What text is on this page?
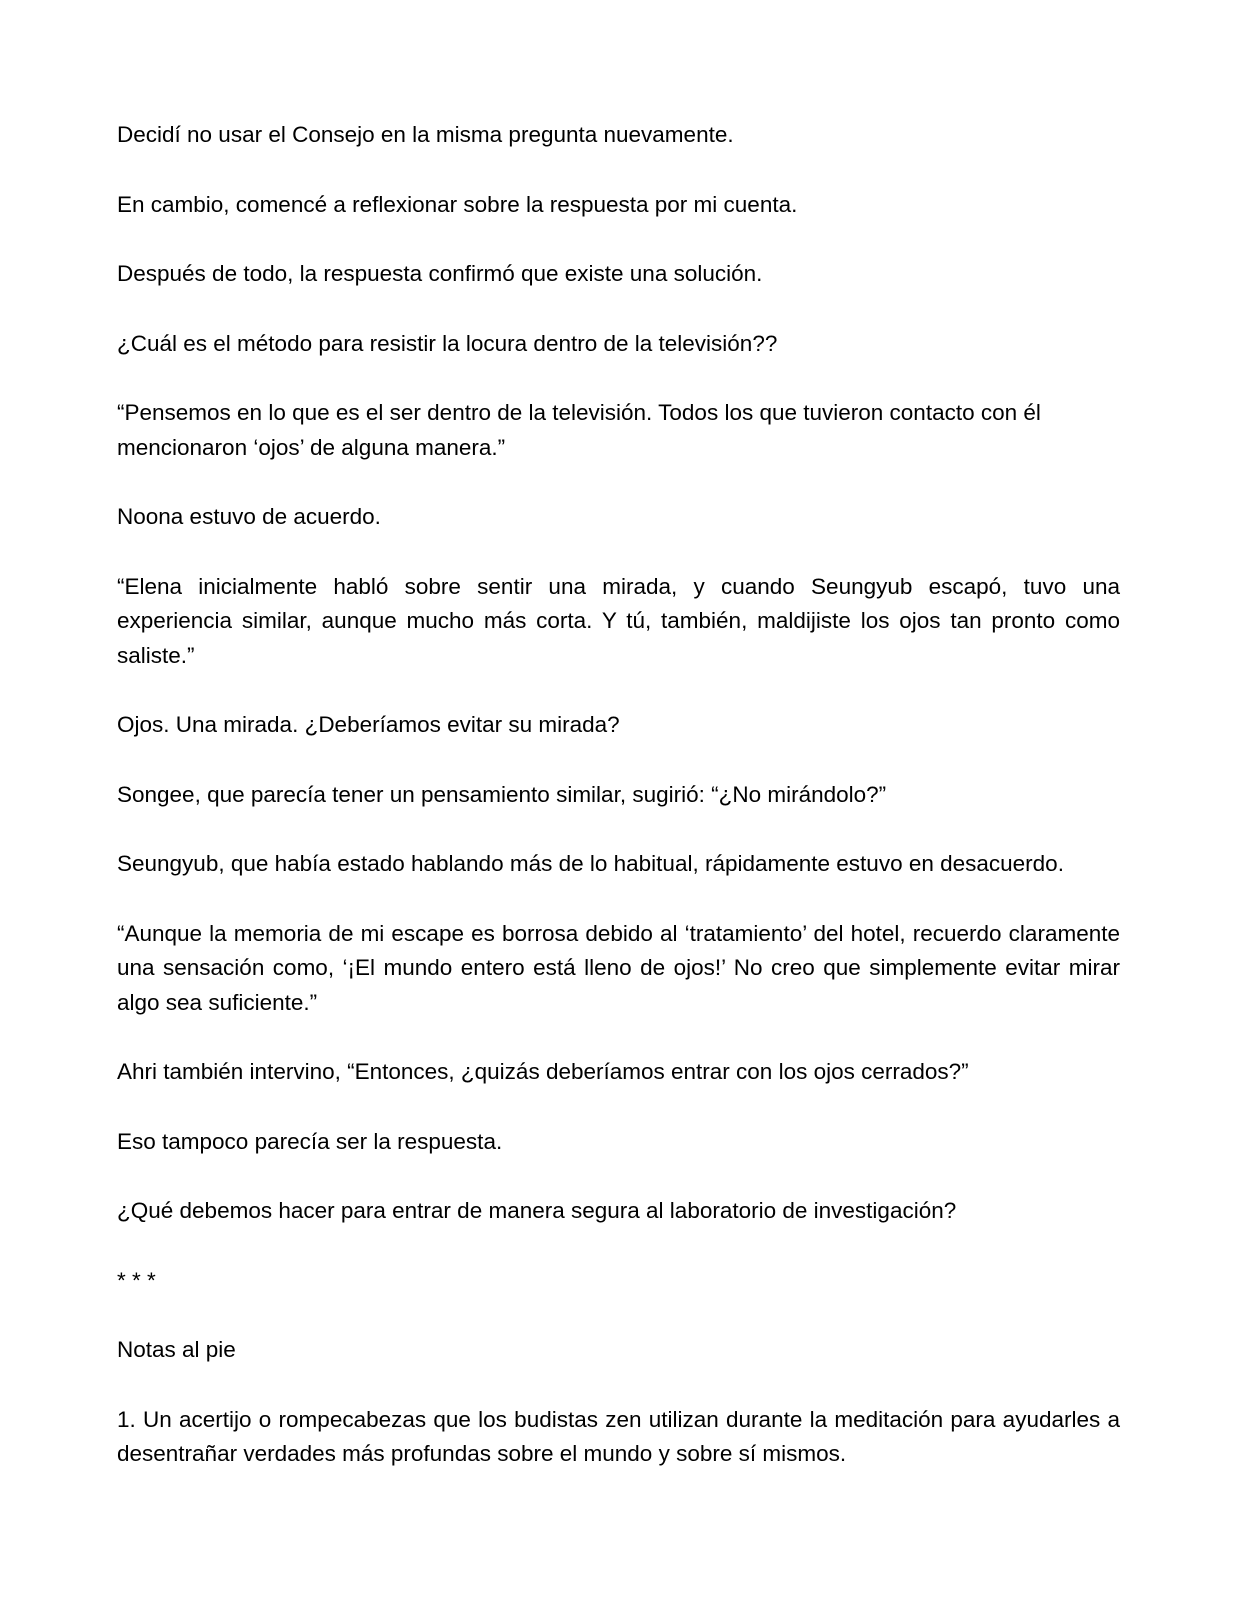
Decidí no usar el Consejo en la misma pregunta nuevamente.

En cambio, comencé a reflexionar sobre la respuesta por mi cuenta.

Después de todo, la respuesta confirmó que existe una solución.

¿Cuál es el método para resistir la locura dentro de la televisión??

“Pensemos en lo que es el ser dentro de la televisión. Todos los que tuvieron contacto con él mencionaron ‘ojos’ de alguna manera.”

Noona estuvo de acuerdo.

“Elena inicialmente habló sobre sentir una mirada, y cuando Seungyub escapó, tuvo una experiencia similar, aunque mucho más corta. Y tú, también, maldijiste los ojos tan pronto como saliste.”

Ojos. Una mirada. ¿Deberíamos evitar su mirada?

Songee, que parecía tener un pensamiento similar, sugirió: “¿No mirándolo?”

Seungyub, que había estado hablando más de lo habitual, rápidamente estuvo en desacuerdo.

“Aunque la memoria de mi escape es borrosa debido al ‘tratamiento’ del hotel, recuerdo claramente una sensación como, ‘¡El mundo entero está lleno de ojos!’ No creo que simplemente evitar mirar algo sea suficiente.”

Ahri también intervino, “Entonces, ¿quizás deberíamos entrar con los ojos cerrados?”

Eso tampoco parecía ser la respuesta.

¿Qué debemos hacer para entrar de manera segura al laboratorio de investigación?

* * *

Notas al pie

1. Un acertijo o rompecabezas que los budistas zen utilizan durante la meditación para ayudarles a desentrañar verdades más profundas sobre el mundo y sobre sí mismos.
